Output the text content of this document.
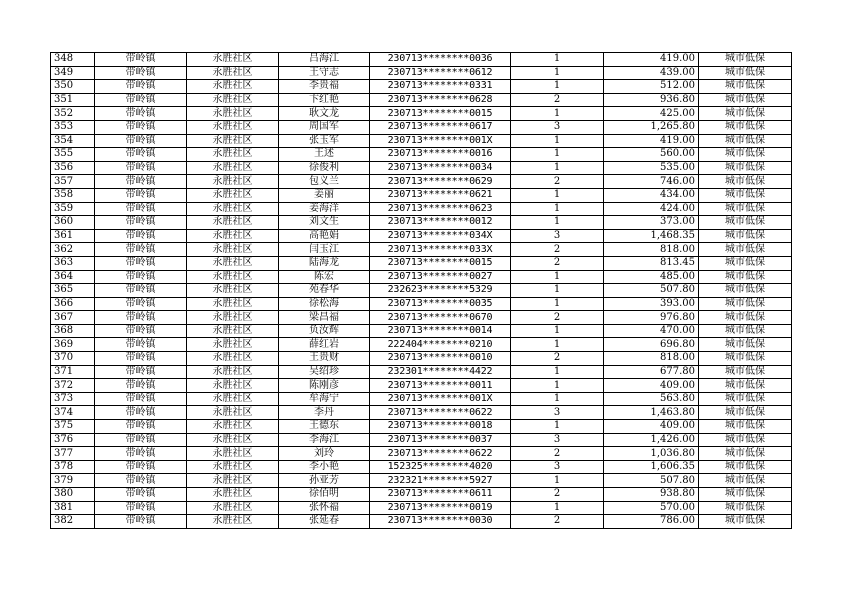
348	带岭镇	永胜社区	吕海江	230713********0036	1	419.00	城市低保
349	带岭镇	永胜社区	王守志	230713********0612	1	439.00	城市低保
350	带岭镇	永胜社区	李贵福	230713********0331	1	512.00	城市低保
351	带岭镇	永胜社区	卞红艳	230713********0628	2	936.80	城市低保
352	带岭镇	永胜社区	耿文龙	230713********0015	1	425.00	城市低保
353	带岭镇	永胜社区	周国军	230713********0617	3	1,265.80	城市低保
354	带岭镇	永胜社区	张玉军	230713********001X	1	419.00	城市低保
355	带岭镇	永胜社区	王述	230713********0016	1	560.00	城市低保
356	带岭镇	永胜社区	徐俊利	230713********0034	1	535.00	城市低保
357	带岭镇	永胜社区	包义兰	230713********0629	2	746.00	城市低保
358	带岭镇	永胜社区	姜丽	230713********0621	1	434.00	城市低保
359	带岭镇	永胜社区	姜海洋	230713********0623	1	424.00	城市低保
360	带岭镇	永胜社区	刘文生	230713********0012	1	373.00	城市低保
361	带岭镇	永胜社区	高艳娟	230713********034X	3	1,468.35	城市低保
362	带岭镇	永胜社区	闫玉江	230713********033X	2	818.00	城市低保
363	带岭镇	永胜社区	陆海龙	230713********0015	2	813.45	城市低保
364	带岭镇	永胜社区	陈宏	230713********0027	1	485.00	城市低保
365	带岭镇	永胜社区	苑春华	232623********5329	1	507.80	城市低保
366	带岭镇	永胜社区	徐松海	230713********0035	1	393.00	城市低保
367	带岭镇	永胜社区	梁昌福	230713********0670	2	976.80	城市低保
368	带岭镇	永胜社区	负汝辉	230713********0014	1	470.00	城市低保
369	带岭镇	永胜社区	薛红岩	222404********0210	1	696.80	城市低保
370	带岭镇	永胜社区	王贵财	230713********0010	2	818.00	城市低保
371	带岭镇	永胜社区	吴绍珍	232301********4422	1	677.80	城市低保
372	带岭镇	永胜社区	陈刚彦	230713********0011	1	409.00	城市低保
373	带岭镇	永胜社区	牟海宁	230713********001X	1	563.80	城市低保
374	带岭镇	永胜社区	李丹	230713********0622	3	1,463.80	城市低保
375	带岭镇	永胜社区	王德东	230713********0018	1	409.00	城市低保
376	带岭镇	永胜社区	李海江	230713********0037	3	1,426.00	城市低保
377	带岭镇	永胜社区	刘玲	230713********0622	2	1,036.80	城市低保
378	带岭镇	永胜社区	李小艳	152325********4020	3	1,606.35	城市低保
379	带岭镇	永胜社区	孙亚芳	232321********5927	1	507.80	城市低保
380	带岭镇	永胜社区	徐佰明	230713********0611	2	938.80	城市低保
381	带岭镇	永胜社区	张怀福	230713********0019	1	570.00	城市低保
382	带岭镇	永胜社区	张延春	230713********0030	2	786.00	城市低保
